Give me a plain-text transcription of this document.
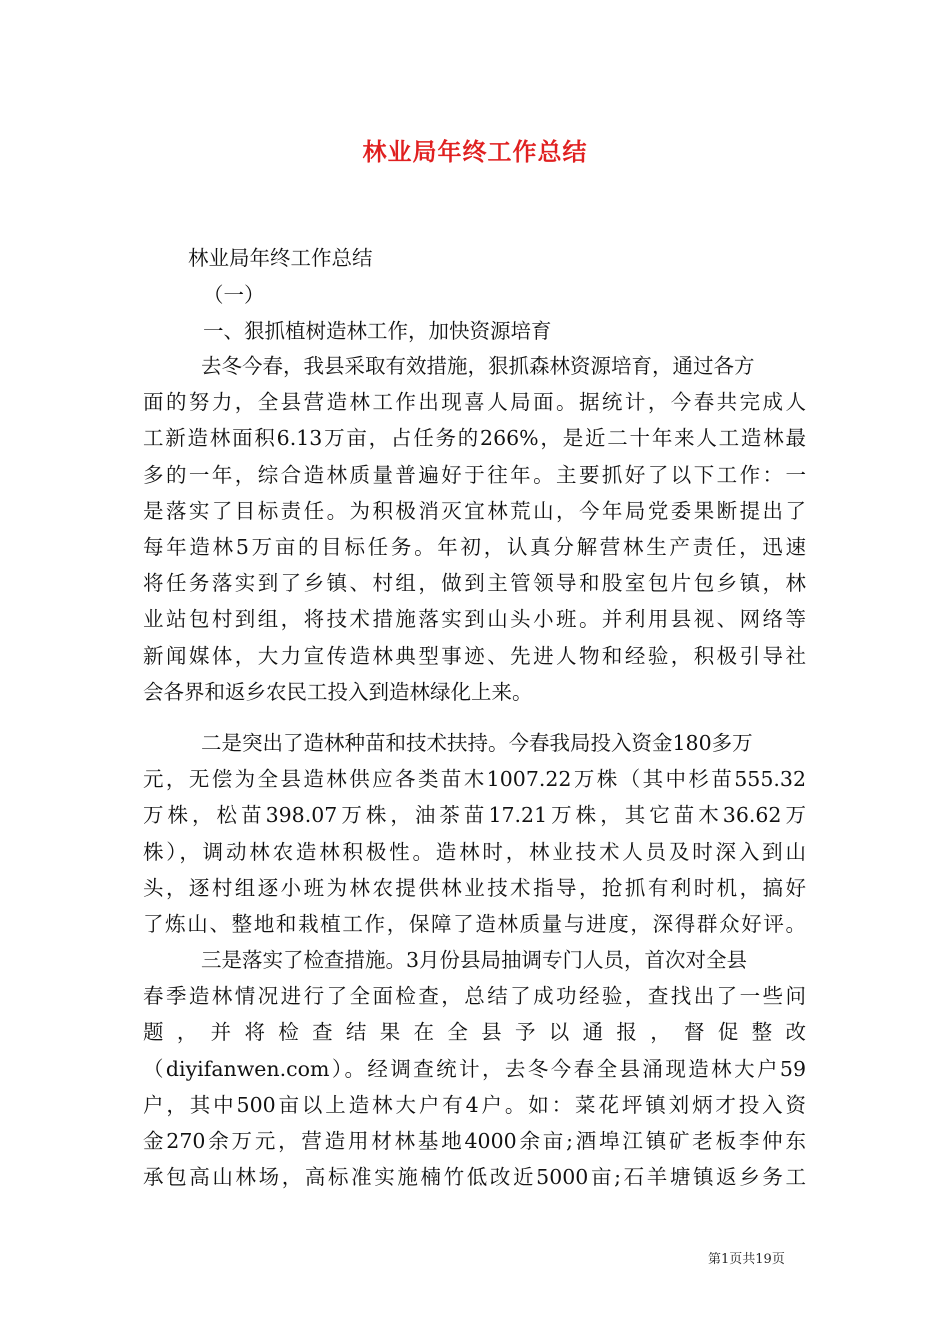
林业局年终工作总结
林业局年终工作总结
（一）
一、狠抓植树造林工作，加快资源培育
去冬今春，我县采取有效措施，狠抓森林资源培育，通过各方
面的努力，全县营造林工作出现喜人局面。据统计，今春共完成人
工新造林面积6.13万亩，占任务的266%，是近二十年来人工造林最
多的一年，综合造林质量普遍好于往年。主要抓好了以下工作：一
是落实了目标责任。为积极消灭宜林荒山，今年局党委果断提出了
每年造林5万亩的目标任务。年初，认真分解营林生产责任，迅速
将任务落实到了乡镇、村组，做到主管领导和股室包片包乡镇，林
业站包村到组，将技术措施落实到山头小班。并利用县视、网络等
新闻媒体，大力宣传造林典型事迹、先进人物和经验，积极引导社
会各界和返乡农民工投入到造林绿化上来。
二是突出了造林种苗和技术扶持。今春我局投入资金180多万
元，无偿为全县造林供应各类苗木1007.22万株（其中杉苗555.32
万株，松苗398.07万株，油茶苗17.21万株，其它苗木36.62万
株），调动林农造林积极性。造林时，林业技术人员及时深入到山
头，逐村组逐小班为林农提供林业技术指导，抢抓有利时机，搞好
了炼山、整地和栽植工作，保障了造林质量与进度，深得群众好评。
三是落实了检查措施。3月份县局抽调专门人员，首次对全县
春季造林情况进行了全面检查，总结了成功经验，查找出了一些问
题，并将检查结果在全县予以通报，督促整改
（diyifanwen.com）。经调查统计，去冬今春全县涌现造林大户59
户，其中500亩以上造林大户有4户。如：菜花坪镇刘炳才投入资
金270余万元，营造用材林基地4000余亩;酒埠江镇矿老板李仲东
承包高山林场，高标准实施楠竹低改近5000亩;石羊塘镇返乡务工
第1页共19页
